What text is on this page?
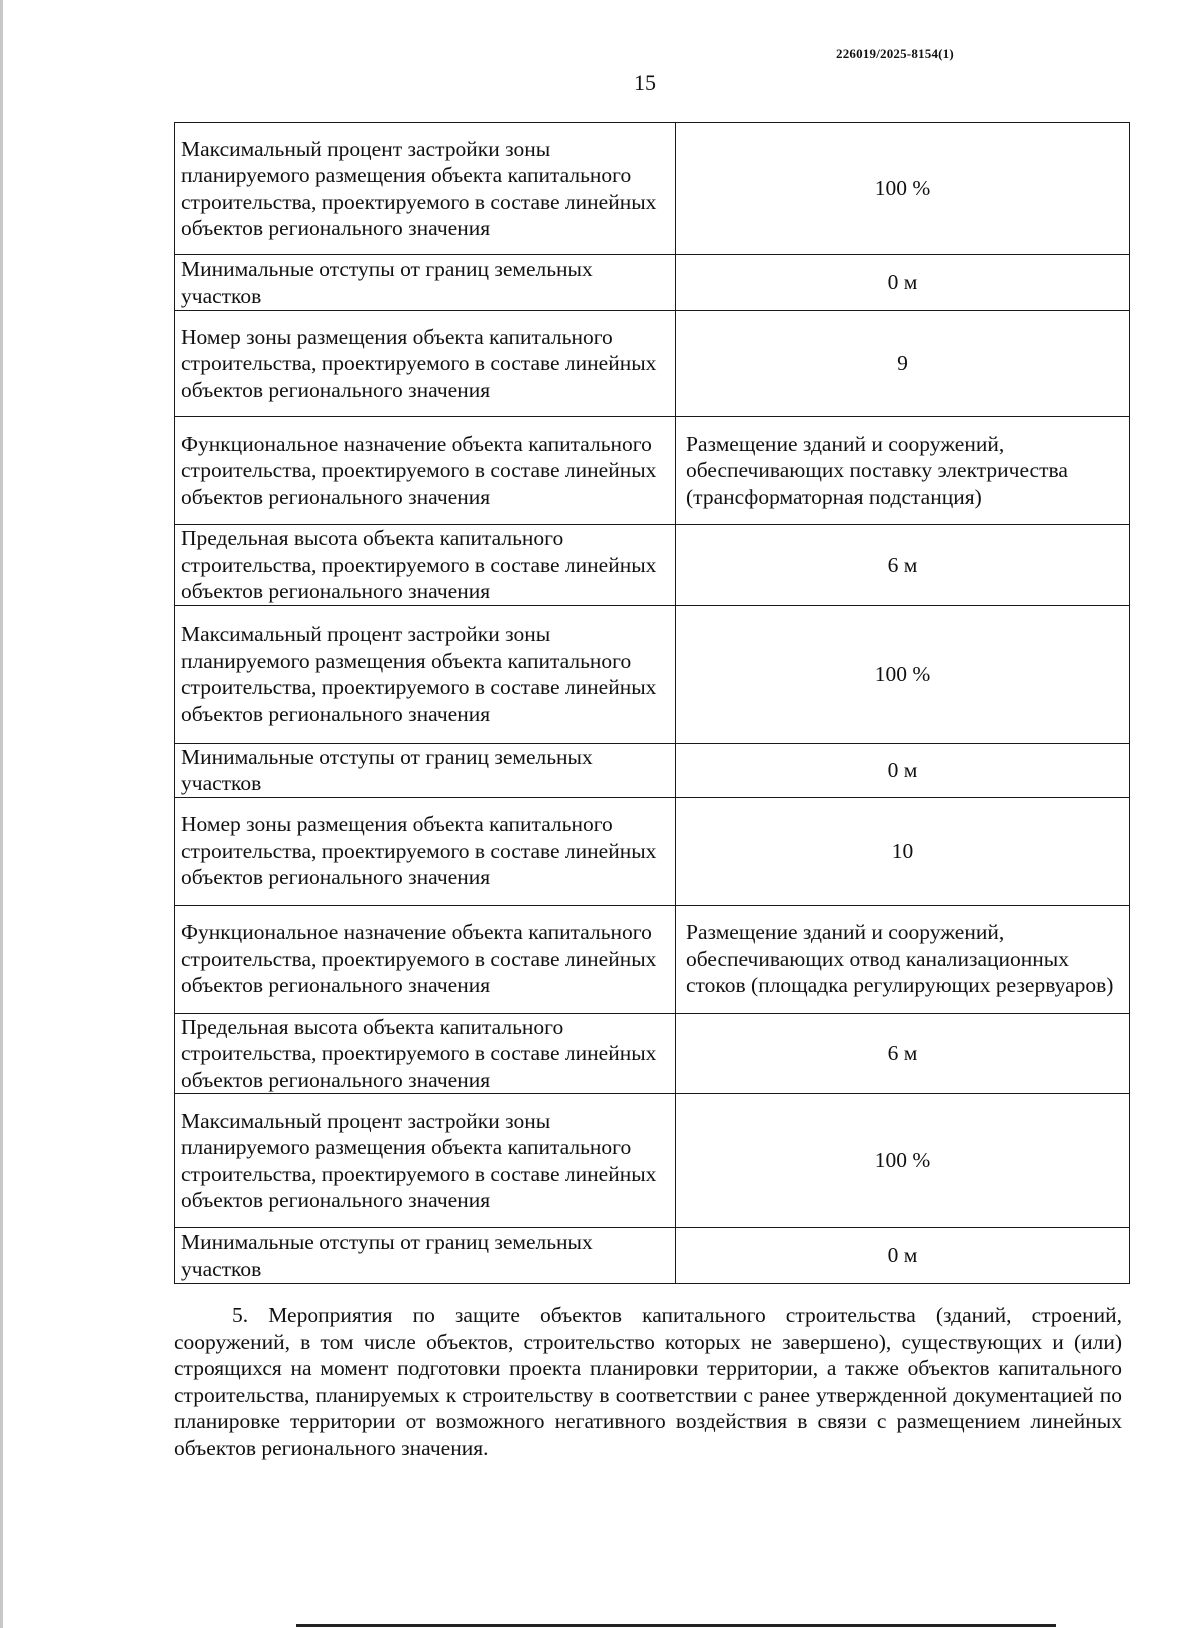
226019/2025-8154(1)
15
Максимальный процент застройки зоны планируемого размещения объекта капитального строительства, проектируемого в составе линейных объектов регионального значения	100 %
Минимальные отступы от границ земельных участков	0 м
Номер зоны размещения объекта капитального строительства, проектируемого в составе линейных объектов регионального значения	9
Функциональное назначение объекта капитального строительства, проектируемого в составе линейных объектов регионального значения	Размещение зданий и сооружений, обеспечивающих поставку электричества (трансформаторная подстанция)
Предельная высота объекта капитального строительства, проектируемого в составе линейных объектов регионального значения	6 м
Максимальный процент застройки зоны планируемого размещения объекта капитального строительства, проектируемого в составе линейных объектов регионального значения	100 %
Минимальные отступы от границ земельных участков	0 м
Номер зоны размещения объекта капитального строительства, проектируемого в составе линейных объектов регионального значения	10
Функциональное назначение объекта капитального строительства, проектируемого в составе линейных объектов регионального значения	Размещение зданий и сооружений, обеспечивающих отвод канализационных стоков (площадка регулирующих резервуаров)
Предельная высота объекта капитального строительства, проектируемого в составе линейных объектов регионального значения	6 м
Максимальный процент застройки зоны планируемого размещения объекта капитального строительства, проектируемого в составе линейных объектов регионального значения	100 %
Минимальные отступы от границ земельных участков	0 м

5. Мероприятия по защите объектов капитального строительства (зданий, строений, сооружений, в том числе объектов, строительство которых не завершено), существующих и (или) строящихся на момент подготовки проекта планировки территории, а также объектов капитального строительства, планируемых к строительству в соответствии с ранее утвержденной документацией по планировке территории от возможного негативного воздействия в связи с размещением линейных объектов регионального значения.
